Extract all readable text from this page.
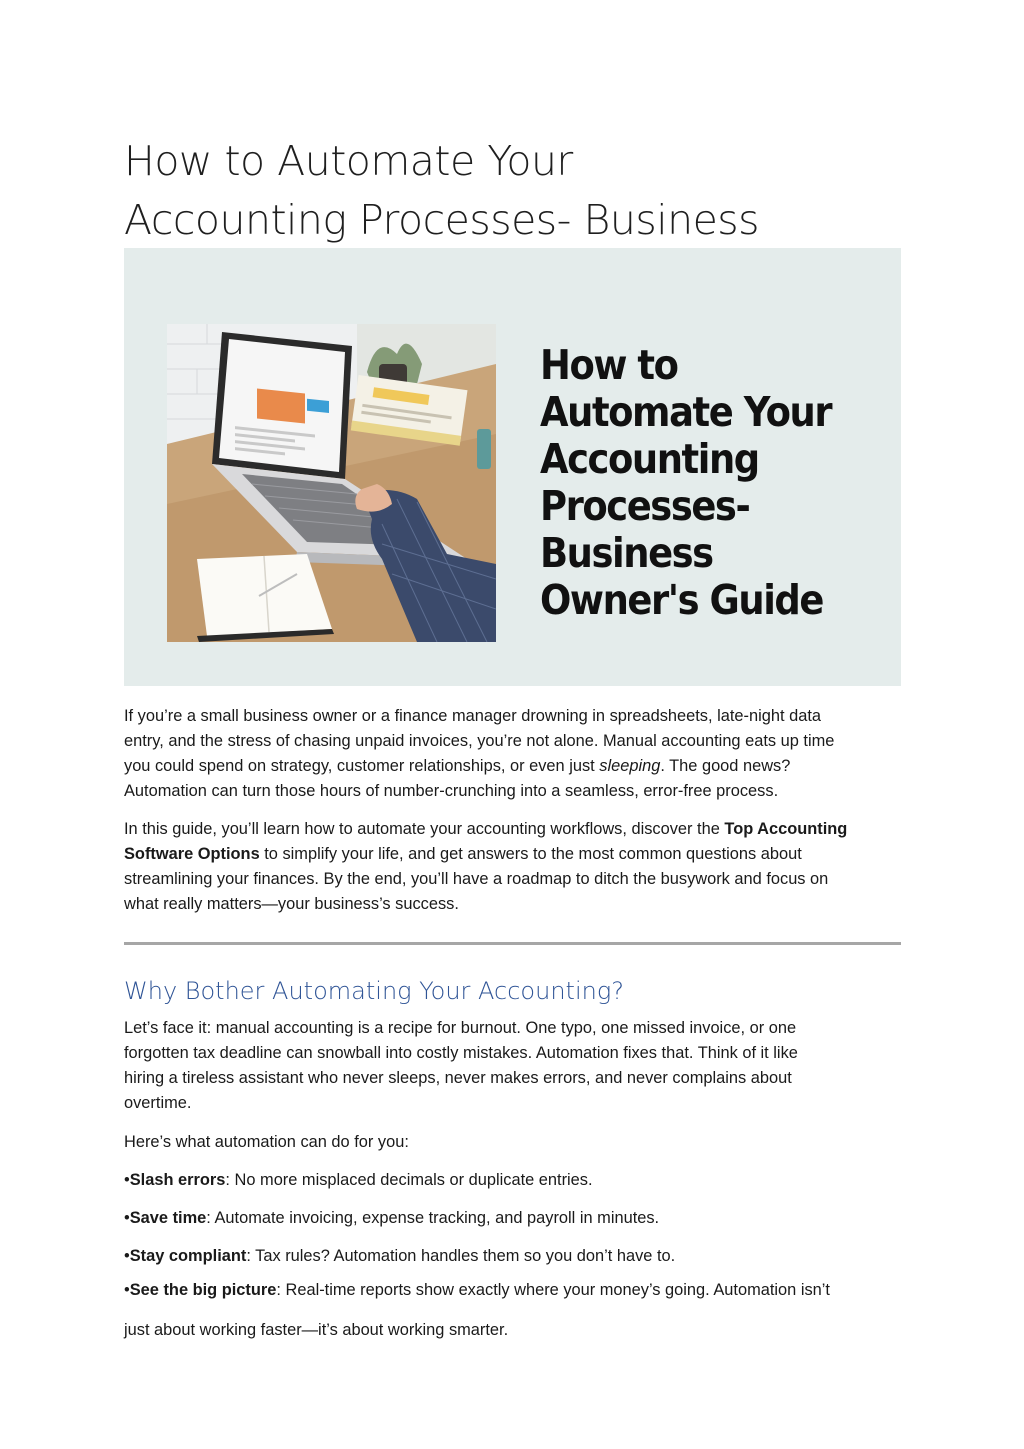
How to Automate Your
Accounting Processes- Business
How to
Automate Your
Accounting
Processes-
Business
Owner's Guide

If you’re a small business owner or a finance manager drowning in spreadsheets, late-night data
entry, and the stress of chasing unpaid invoices, you’re not alone. Manual accounting eats up time
you could spend on strategy, customer relationships, or even just sleeping. The good news?
Automation can turn those hours of number-crunching into a seamless, error-free process.

In this guide, you’ll learn how to automate your accounting workflows, discover the Top Accounting
Software Options to simplify your life, and get answers to the most common questions about
streamlining your finances. By the end, you’ll have a roadmap to ditch the busywork and focus on
what really matters—your business’s success.

Why Bother Automating Your Accounting?

Let’s face it: manual accounting is a recipe for burnout. One typo, one missed invoice, or one
forgotten tax deadline can snowball into costly mistakes. Automation fixes that. Think of it like
hiring a tireless assistant who never sleeps, never makes errors, and never complains about
overtime.

Here’s what automation can do for you:

•Slash errors: No more misplaced decimals or duplicate entries.
•Save time: Automate invoicing, expense tracking, and payroll in minutes.
•Stay compliant: Tax rules? Automation handles them so you don’t have to.
•See the big picture: Real-time reports show exactly where your money’s going. Automation isn’t

just about working faster—it’s about working smarter.
